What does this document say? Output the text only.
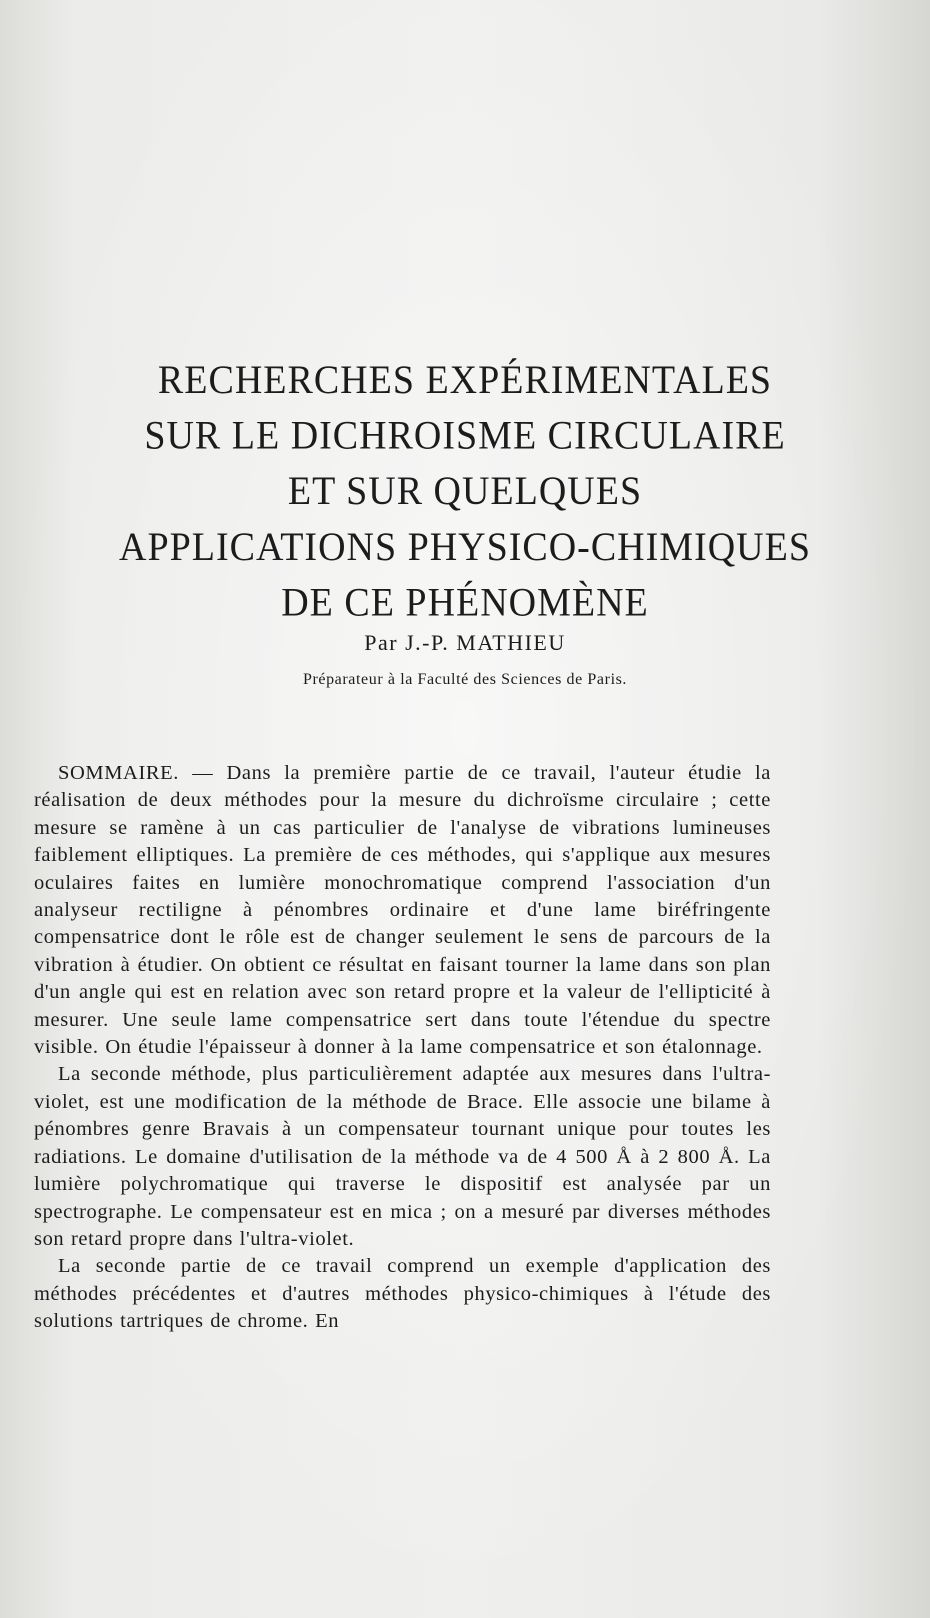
RECHERCHES EXPÉRIMENTALES
SUR LE DICHROISME CIRCULAIRE
ET SUR QUELQUES
APPLICATIONS PHYSICO-CHIMIQUES
DE CE PHÉNOMÈNE
Par J.-P. MATHIEU
Préparateur à la Faculté des Sciences de Paris.

SOMMAIRE. — Dans la première partie de ce travail, l'auteur étudie la réalisation de deux méthodes pour la mesure du dichroïsme circulaire ; cette mesure se ramène à un cas particulier de l'analyse de vibrations lumineuses faiblement elliptiques. La première de ces méthodes, qui s'applique aux mesures oculaires faites en lumière monochromatique comprend l'association d'un analyseur rectiligne à pénombres ordinaire et d'une lame biréfringente compensatrice dont le rôle est de changer seulement le sens de parcours de la vibration à étudier. On obtient ce résultat en faisant tourner la lame dans son plan d'un angle qui est en relation avec son retard propre et la valeur de l'ellipticité à mesurer. Une seule lame compensatrice sert dans toute l'étendue du spectre visible. On étudie l'épaisseur à donner à la lame compensatrice et son étalonnage.

La seconde méthode, plus particulièrement adaptée aux mesures dans l'ultra-violet, est une modification de la méthode de Brace. Elle associe une bilame à pénombres genre Bravais à un compensateur tournant unique pour toutes les radiations. Le domaine d'utilisation de la méthode va de 4 500 Å à 2 800 Å. La lumière polychromatique qui traverse le dispositif est analysée par un spectrographe. Le compensateur est en mica ; on a mesuré par diverses méthodes son retard propre dans l'ultra-violet.

La seconde partie de ce travail comprend un exemple d'application des méthodes précédentes et d'autres méthodes physico-chimiques à l'étude des solutions tartriques de chrome. En
